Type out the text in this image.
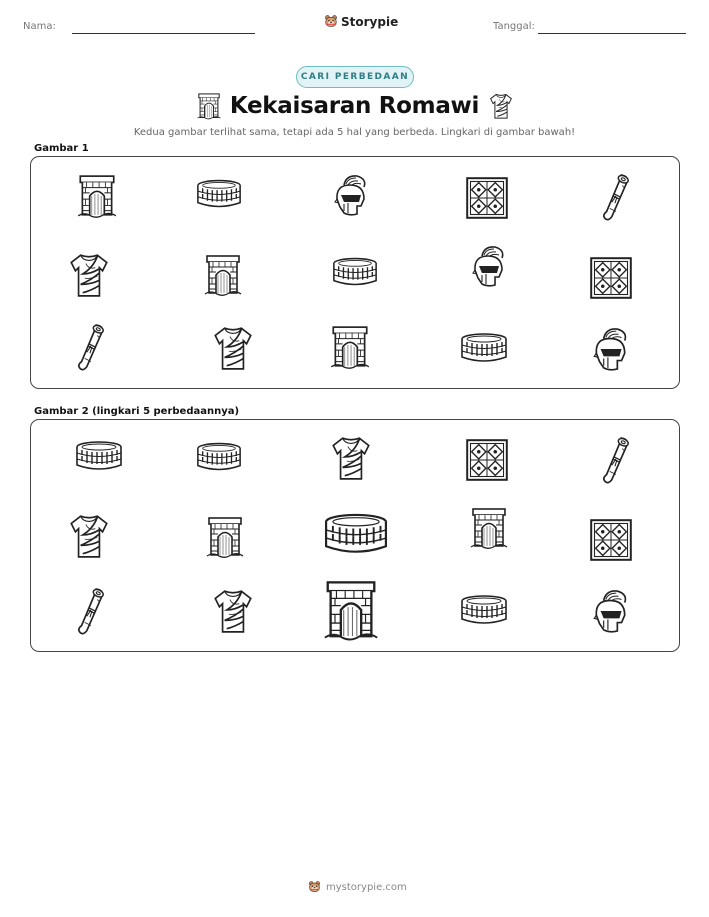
Nama:	Storypie	Tanggal:
CARI PERBEDAAN
Kekaisaran Romawi
Kedua gambar terlihat sama, tetapi ada 5 hal yang berbeda. Lingkari di gambar bawah!
Gambar 1
Gambar 2 (lingkari 5 perbedaannya)
mystorypie.com
